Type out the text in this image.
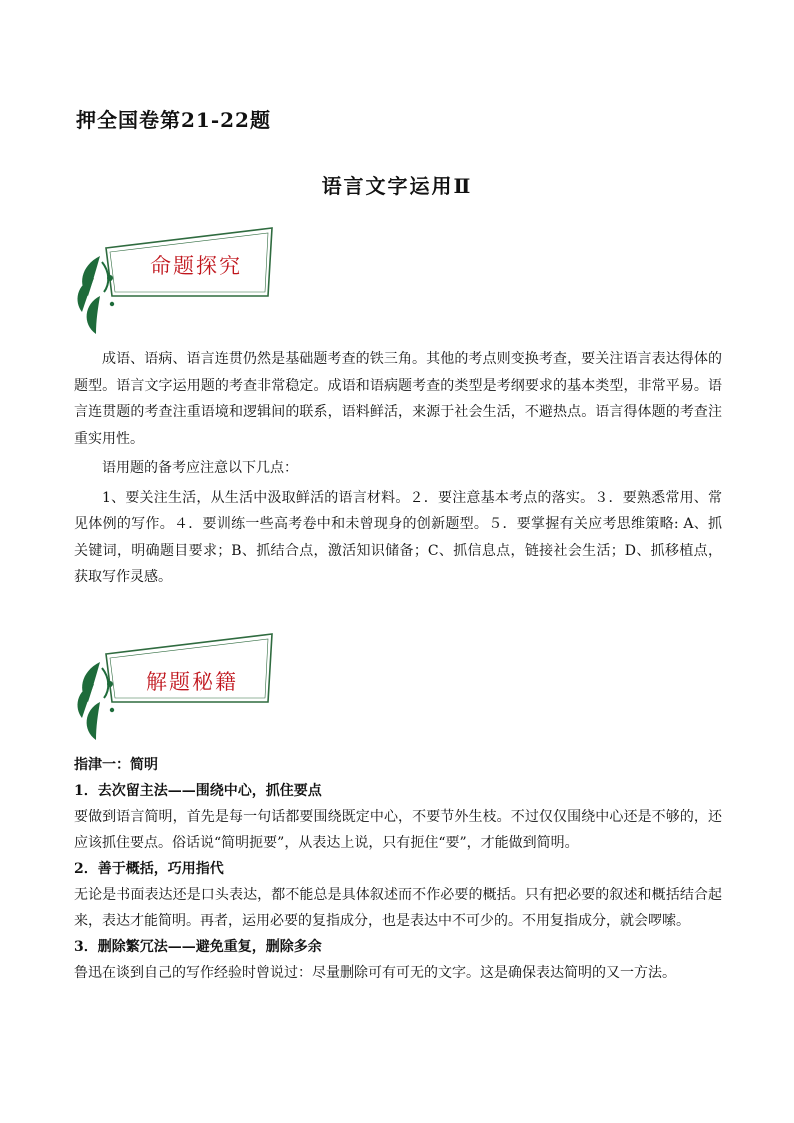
押全国卷第21-22题
语言文字运用Ⅱ
命题探究

成语、语病、语言连贯仍然是基础题考查的铁三角。其他的考点则变换考查，要关注语言表达得体的题型。语言文字运用题的考查非常稳定。成语和语病题考查的类型是考纲要求的基本类型，非常平易。语言连贯题的考查注重语境和逻辑间的联系，语料鲜活，来源于社会生活，不避热点。语言得体题的考查注重实用性。

语用题的备考应注意以下几点：

1、要关注生活，从生活中汲取鲜活的语言材料。２．要注意基本考点的落实。３．要熟悉常用、常见体例的写作。４．要训练一些高考卷中和未曾现身的创新题型。５．要掌握有关应考思维策略: A、抓关键词，明确题目要求；B、抓结合点，激活知识储备；C、抓信息点，链接社会生活；D、抓移植点，获取写作灵感。

解题秘籍

指津一：简明

1．去次留主法——围绕中心，抓住要点

要做到语言简明，首先是每一句话都要围绕既定中心，不要节外生枝。不过仅仅围绕中心还是不够的，还应该抓住要点。俗话说“简明扼要”，从表达上说，只有扼住“要”，才能做到简明。

2．善于概括，巧用指代

无论是书面表达还是口头表达，都不能总是具体叙述而不作必要的概括。只有把必要的叙述和概括结合起来，表达才能简明。再者，运用必要的复指成分，也是表达中不可少的。不用复指成分，就会啰嗦。

3．删除繁冗法——避免重复，删除多余

鲁迅在谈到自己的写作经验时曾说过：尽量删除可有可无的文字。这是确保表达简明的又一方法。
